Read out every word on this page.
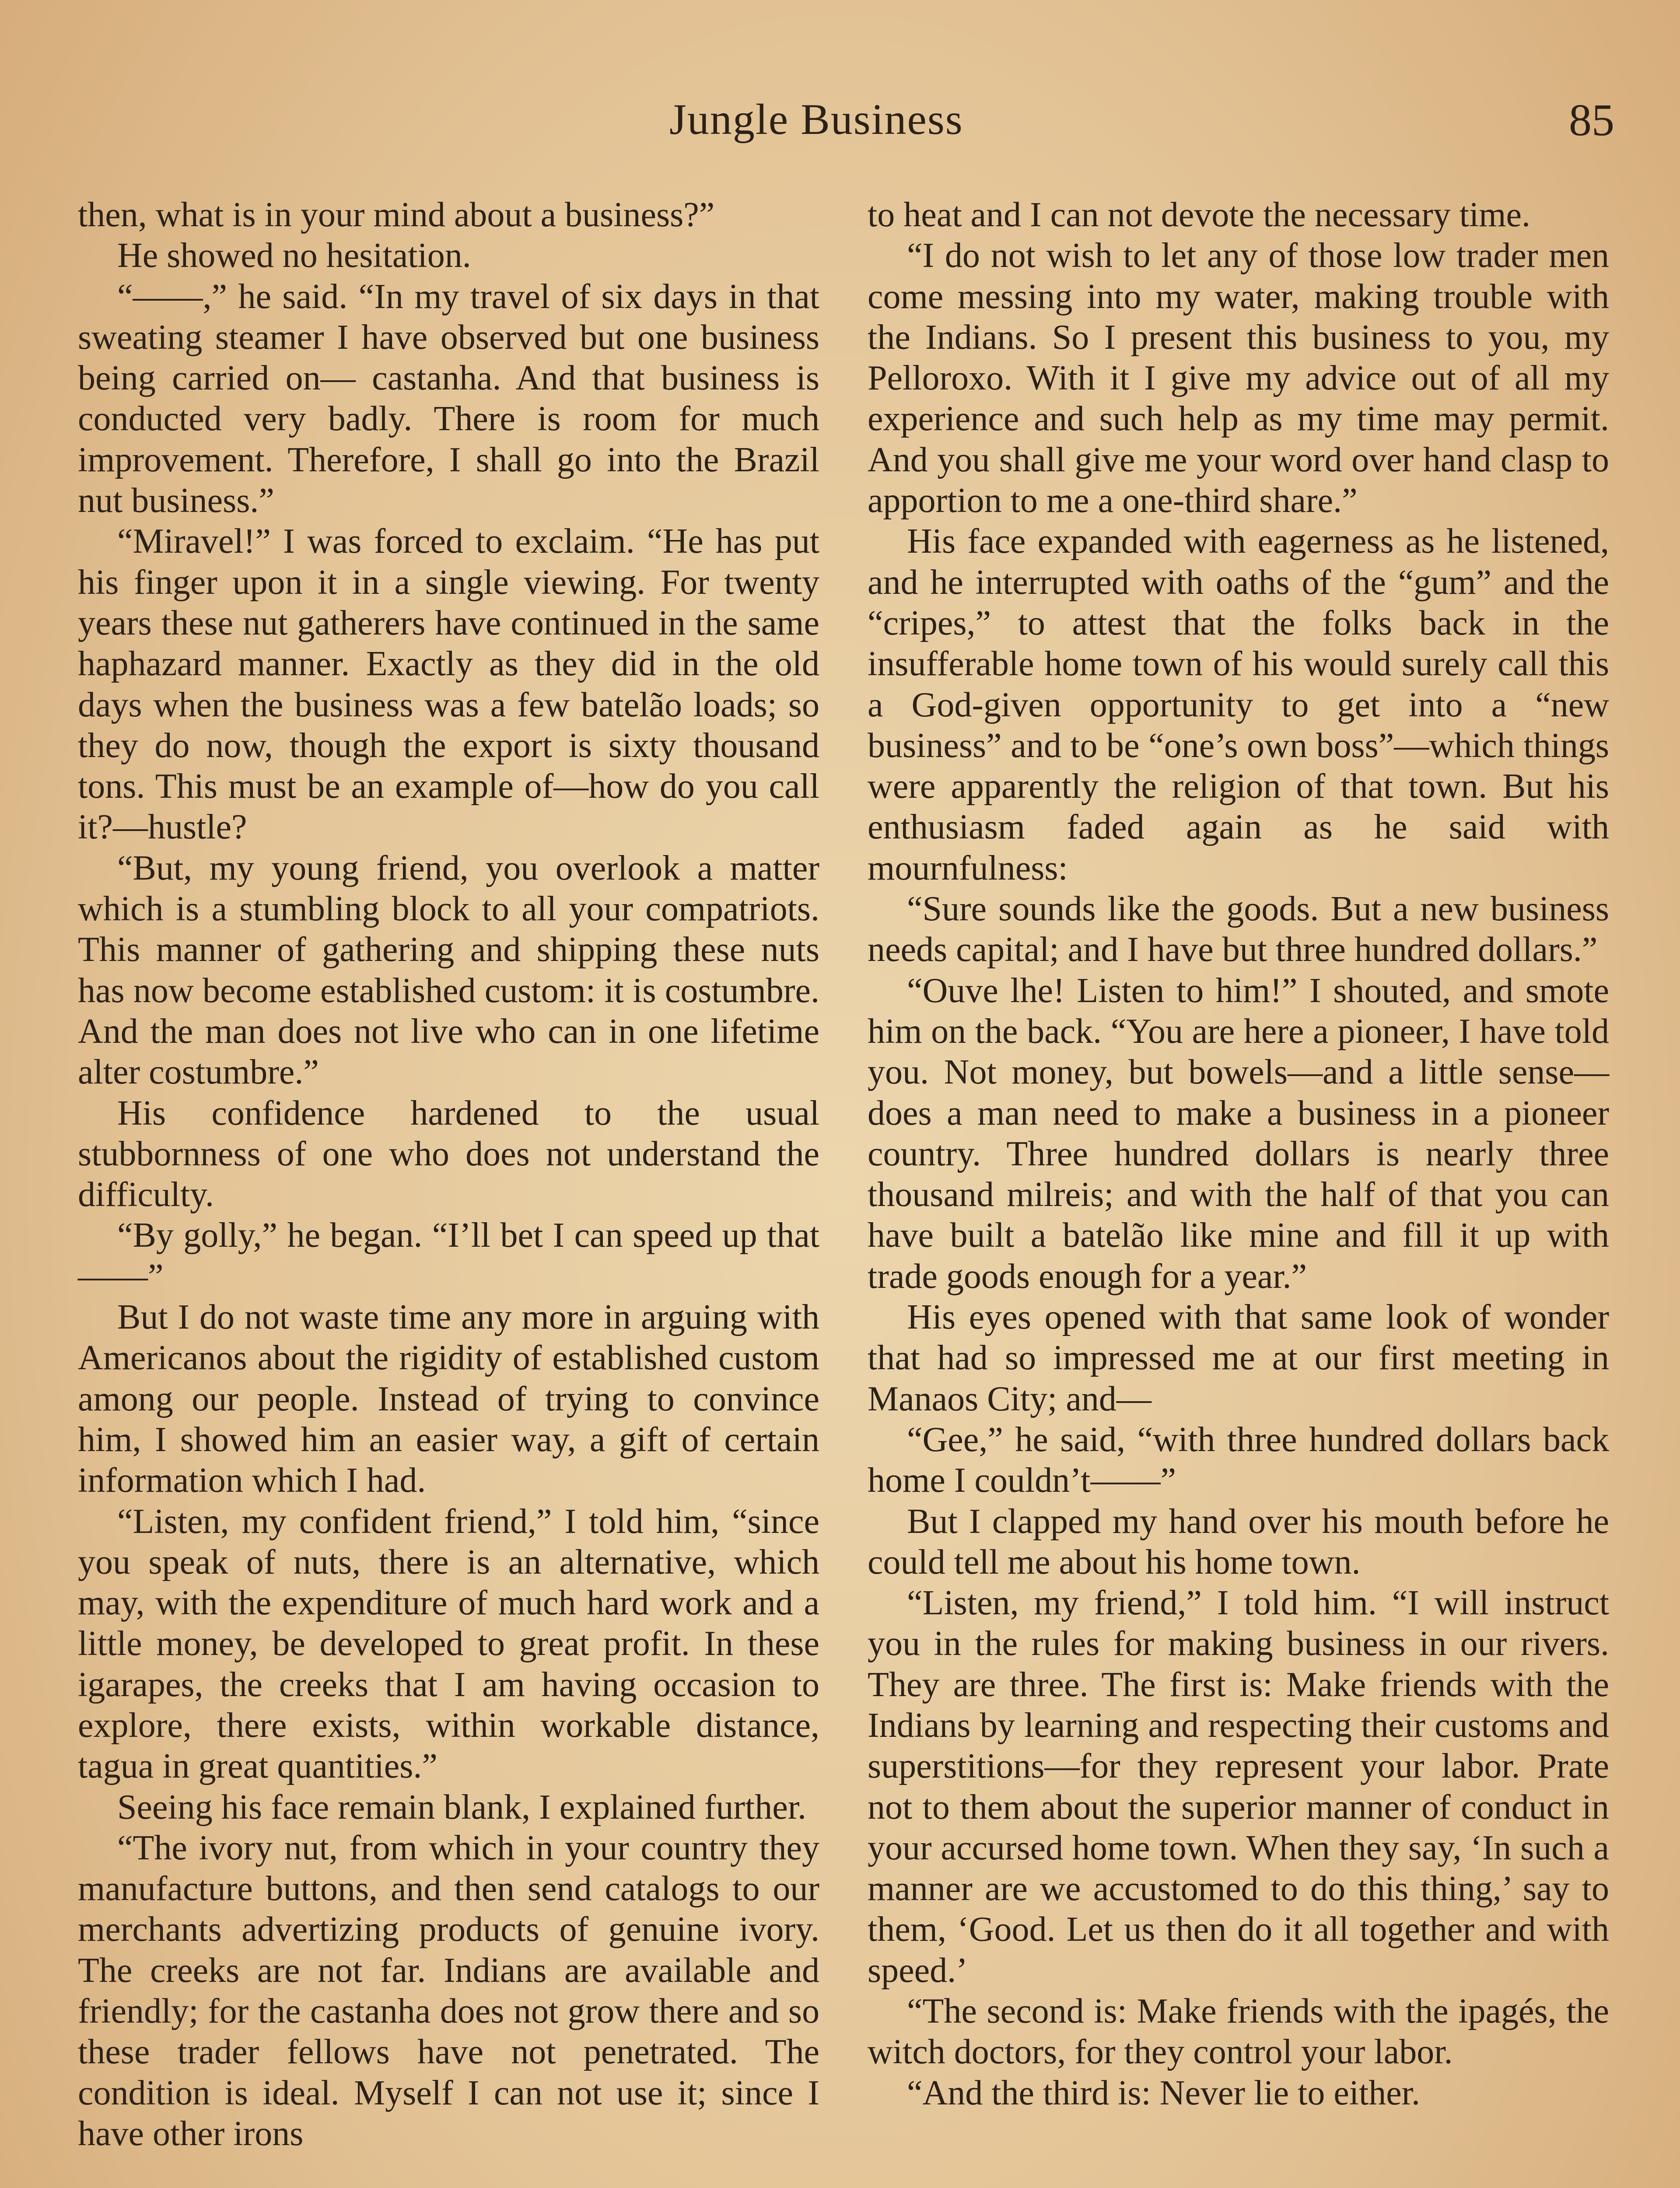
Jungle Business	85

then, what is in your mind about a business?”

He showed no hesitation.

“——,” he said. “In my travel of six days in that sweating steamer I have observed but one business being carried on— castanha. And that business is conducted very badly. There is room for much improvement. Therefore, I shall go into the Brazil nut business.”

“Miravel!” I was forced to exclaim. “He has put his finger upon it in a single viewing. For twenty years these nut gatherers have continued in the same haphazard manner. Exactly as they did in the old days when the business was a few batelão loads; so they do now, though the export is sixty thousand tons. This must be an example of—how do you call it?—hustle?

“But, my young friend, you overlook a matter which is a stumbling block to all your compatriots. This manner of gathering and shipping these nuts has now become established custom: it is costumbre. And the man does not live who can in one lifetime alter costumbre.”

His confidence hardened to the usual stubbornness of one who does not understand the difficulty.

“By golly,” he began. “I’ll bet I can speed up that——”

But I do not waste time any more in arguing with Americanos about the rigidity of established custom among our people. Instead of trying to convince him, I showed him an easier way, a gift of certain information which I had.

“Listen, my confident friend,” I told him, “since you speak of nuts, there is an alternative, which may, with the expenditure of much hard work and a little money, be developed to great profit. In these igarapes, the creeks that I am having occasion to explore, there exists, within workable distance, tagua in great quantities.”

Seeing his face remain blank, I explained further.

“The ivory nut, from which in your country they manufacture buttons, and then send catalogs to our merchants advertizing products of genuine ivory. The creeks are not far. Indians are available and friendly; for the castanha does not grow there and so these trader fellows have not penetrated. The condition is ideal. Myself I can not use it; since I have other irons

to heat and I can not devote the necessary time.

“I do not wish to let any of those low trader men come messing into my water, making trouble with the Indians. So I present this business to you, my Pelloroxo. With it I give my advice out of all my experience and such help as my time may permit. And you shall give me your word over hand clasp to apportion to me a one-third share.”

His face expanded with eagerness as he listened, and he interrupted with oaths of the “gum” and the “cripes,” to attest that the folks back in the insufferable home town of his would surely call this a God-given opportunity to get into a “new business” and to be “one’s own boss”—which things were apparently the religion of that town. But his enthusiasm faded again as he said with mournfulness:

“Sure sounds like the goods. But a new business needs capital; and I have but three hundred dollars.”

“Ouve lhe! Listen to him!” I shouted, and smote him on the back. “You are here a pioneer, I have told you. Not money, but bowels—and a little sense— does a man need to make a business in a pioneer country. Three hundred dollars is nearly three thousand milreis; and with the half of that you can have built a batelão like mine and fill it up with trade goods enough for a year.”

His eyes opened with that same look of wonder that had so impressed me at our first meeting in Manaos City; and—

“Gee,” he said, “with three hundred dollars back home I couldn’t——”

But I clapped my hand over his mouth before he could tell me about his home town.

“Listen, my friend,” I told him. “I will instruct you in the rules for making business in our rivers. They are three. The first is: Make friends with the Indians by learning and respecting their customs and superstitions—for they represent your labor. Prate not to them about the superior manner of conduct in your accursed home town. When they say, ‘In such a manner are we accustomed to do this thing,’ say to them, ‘Good. Let us then do it all together and with speed.’

“The second is: Make friends with the ipagés, the witch doctors, for they control your labor.

“And the third is: Never lie to either.
